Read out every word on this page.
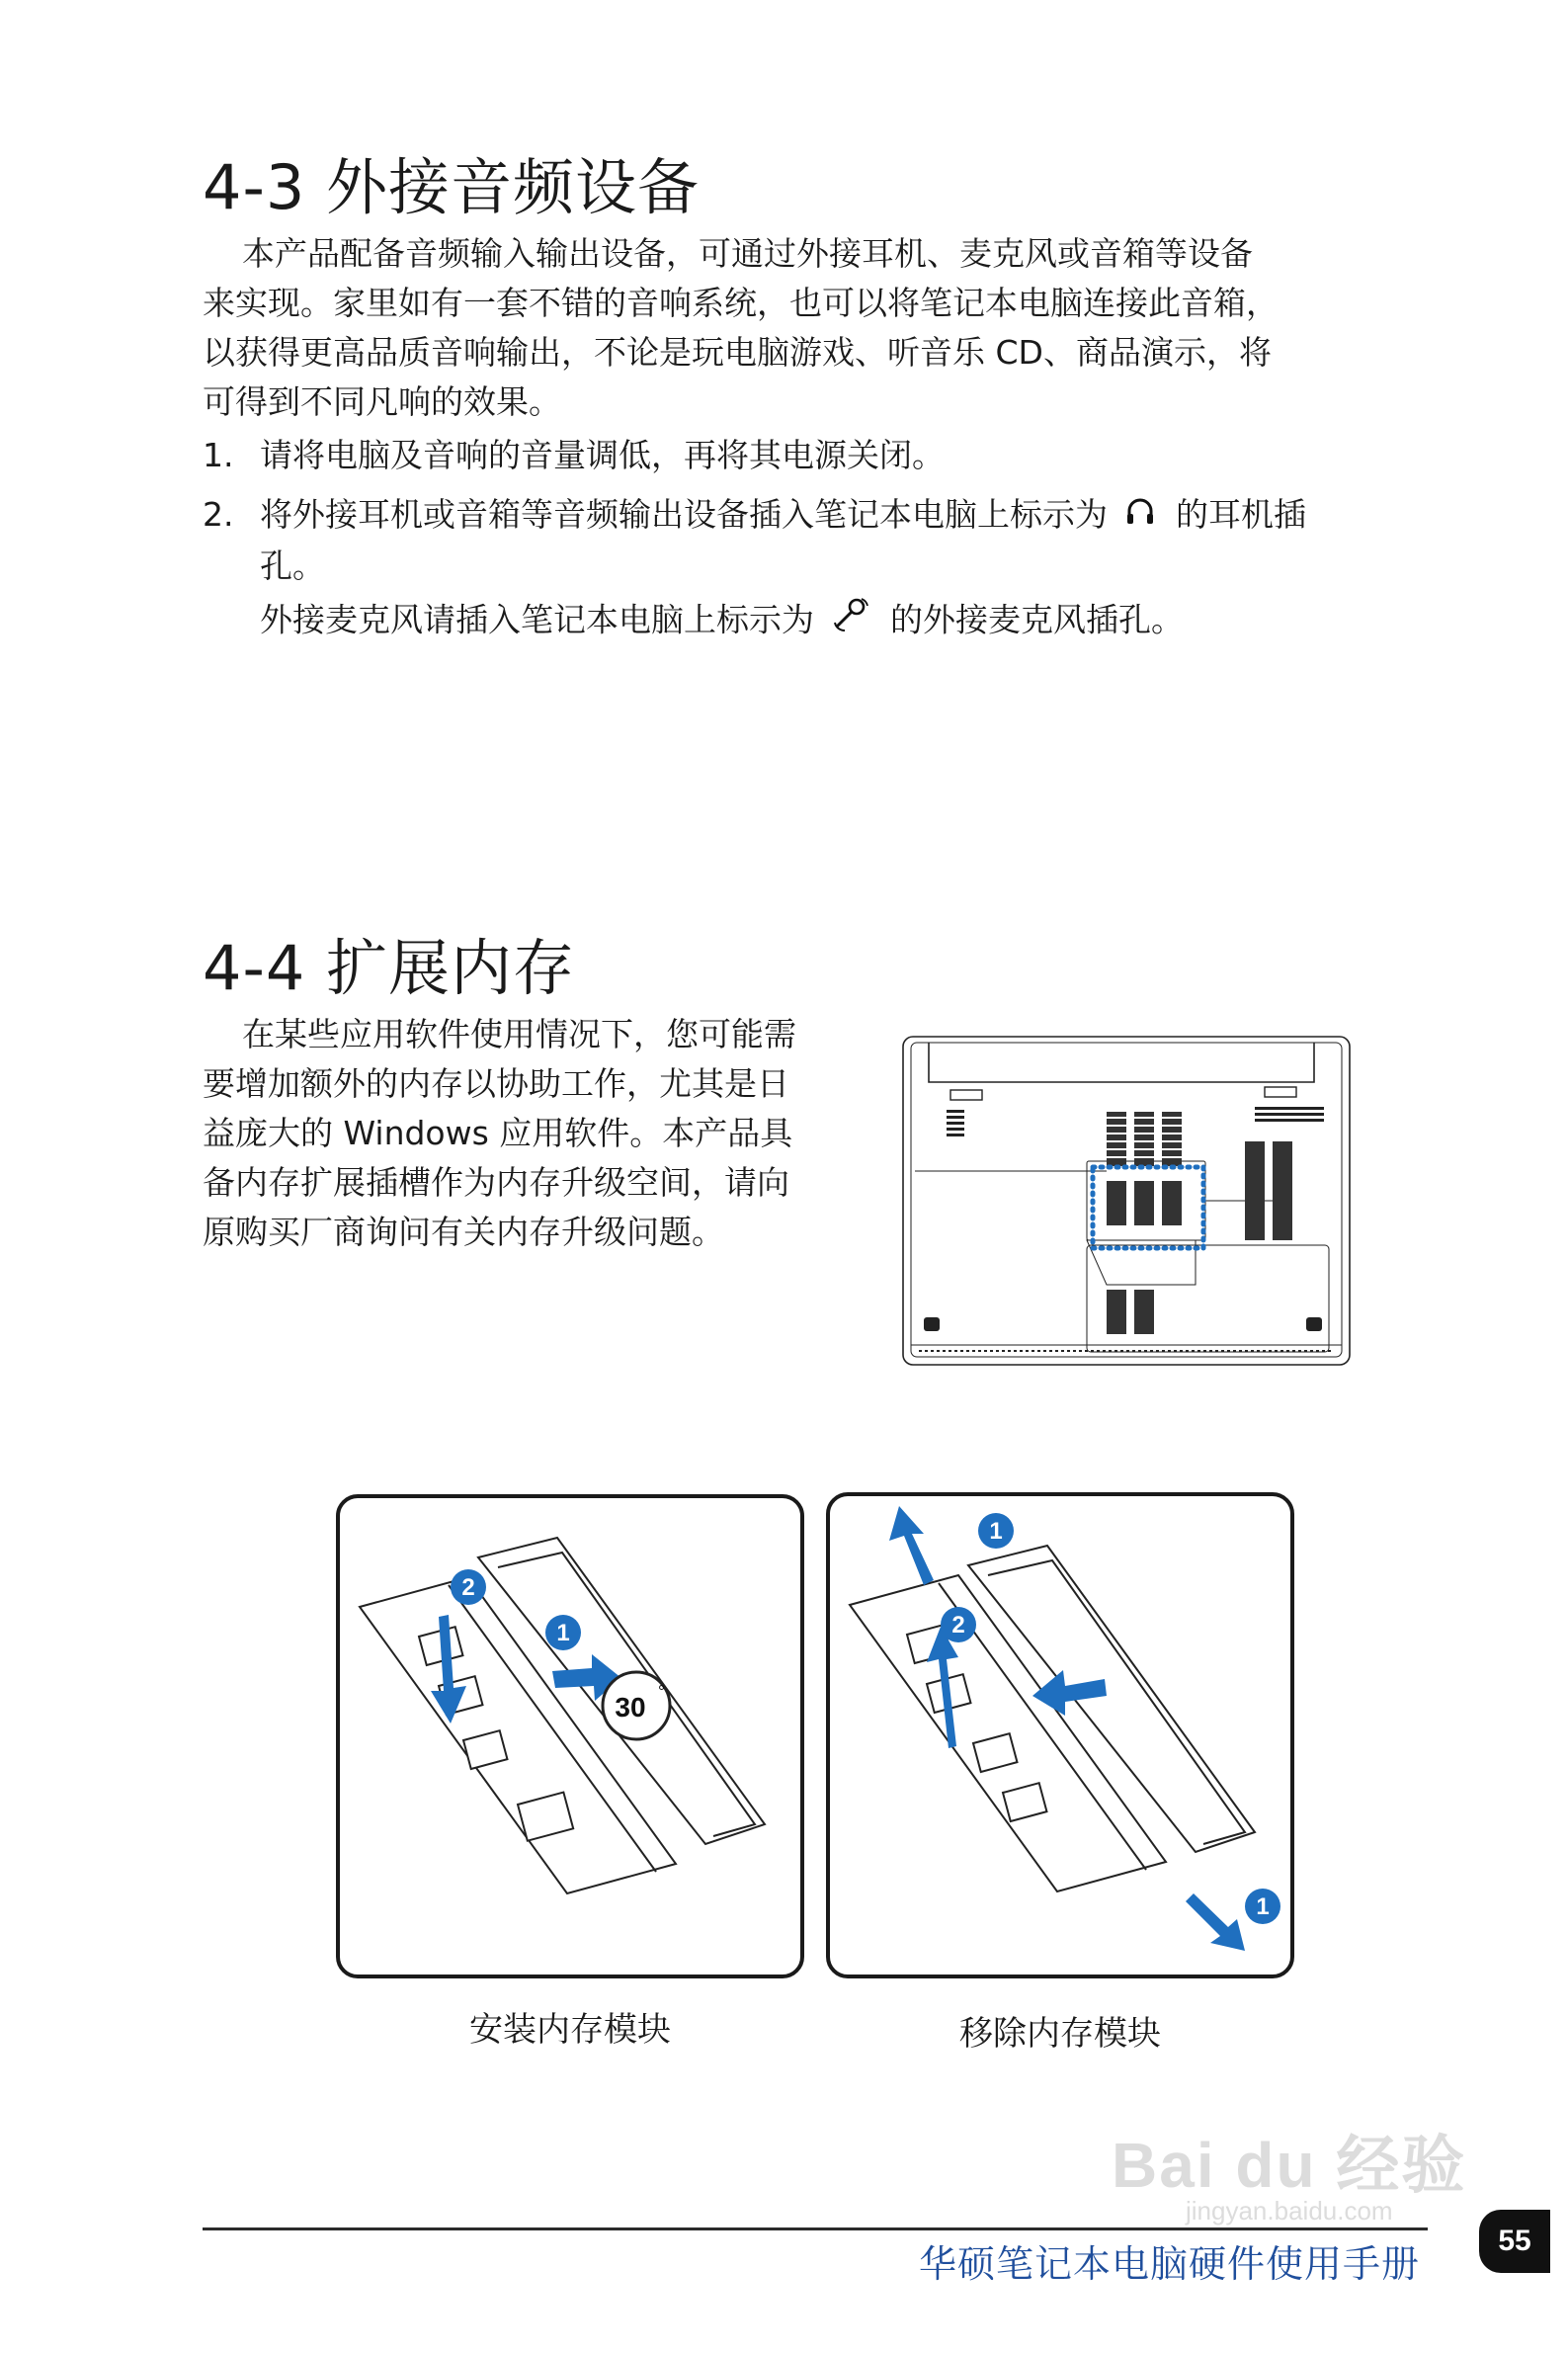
4-3 外接音频设备

本产品配备音频输入输出设备，可通过外接耳机、麦克风或音箱等设备

来实现。家里如有一套不错的音响系统，也可以将笔记本电脑连接此音箱，

以获得更高品质音响输出，不论是玩电脑游戏、听音乐 CD、商品演示，将

可得到不同凡响的效果。

1. 请将电脑及音响的音量调低，再将其电源关闭。
2. 将外接耳机或音箱等音频输出设备插入笔记本电脑上标示为 的耳机插
孔。
外接麦克风请插入笔记本电脑上标示为 的外接麦克风插孔。
4-4 扩展内存

在某些应用软件使用情况下，您可能需

要增加额外的内存以协助工作，尤其是日

益庞大的 Windows 应用软件。本产品具

备内存扩展插槽作为内存升级空间，请向

原购买厂商询问有关内存升级问题。

2
1
30 °
1
2
1
安装内存模块	移除内存模块
Bai du 经验
jingyan.baidu.com
华硕笔记本电脑硬件使用手册
55
